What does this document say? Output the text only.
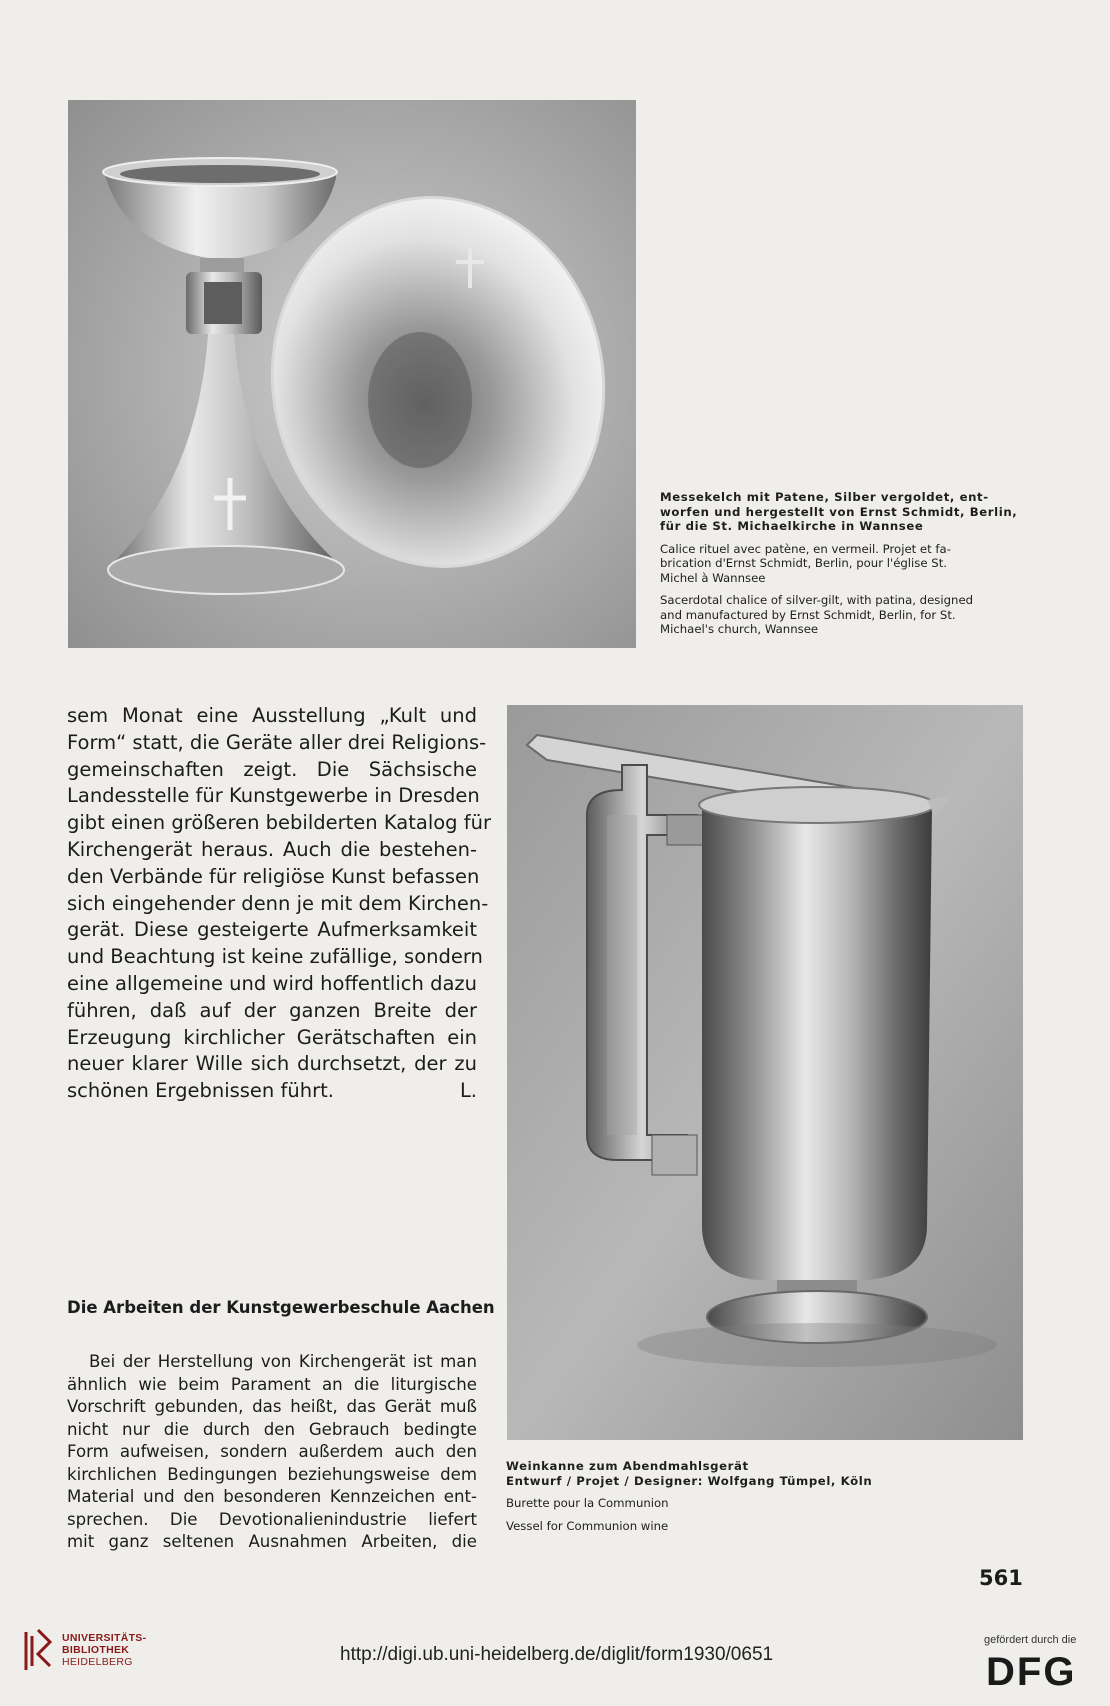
Messekelch mit Patene, Silber vergoldet, ent-
worfen und hergestellt von Ernst Schmidt, Berlin,
für die St. Michaelkirche in Wannsee

Calice rituel avec patène, en vermeil. Projet et fa-
brication d'Ernst Schmidt, Berlin, pour l'église St.
Michel à Wannsee

Sacerdotal chalice of silver-gilt, with patina, designed
and manufactured by Ernst Schmidt, Berlin, for St.
Michael's church, Wannsee

sem Monat eine Ausstellung „Kult und
Form“ statt, die Geräte aller drei Religions-
gemeinschaften zeigt. Die Sächsische
Landesstelle für Kunstgewerbe in Dresden
gibt einen größeren bebilderten Katalog für
Kirchengerät heraus. Auch die bestehen-
den Verbände für religiöse Kunst befassen
sich eingehender denn je mit dem Kirchen-
gerät. Diese gesteigerte Aufmerksamkeit
und Beachtung ist keine zufällige, sondern
eine allgemeine und wird hoffentlich dazu
führen, daß auf der ganzen Breite der
Erzeugung kirchlicher Gerätschaften ein
neuer klarer Wille sich durchsetzt, der zu
schönen Ergebnissen führt.	L.
Die Arbeiten der Kunstgewerbeschule Aachen
Bei der Herstellung von Kirchengerät ist man
ähnlich wie beim Parament an die liturgische
Vorschrift gebunden, das heißt, das Gerät muß
nicht nur die durch den Gebrauch bedingte
Form aufweisen, sondern außerdem auch den
kirchlichen Bedingungen beziehungsweise dem
Material und den besonderen Kennzeichen ent-
sprechen. Die Devotionalienindustrie liefert
mit ganz seltenen Ausnahmen Arbeiten, die

Weinkanne zum Abendmahlsgerät

Entwurf / Projet / Designer: Wolfgang Tümpel, Köln

Burette pour la Communion

Vessel for Communion wine

561
UNIVERSITÄTS-
BIBLIOTHEK
HEIDELBERG	http://digi.ub.uni-heidelberg.de/diglit/form1930/0651
gefördert durch die
DFG
